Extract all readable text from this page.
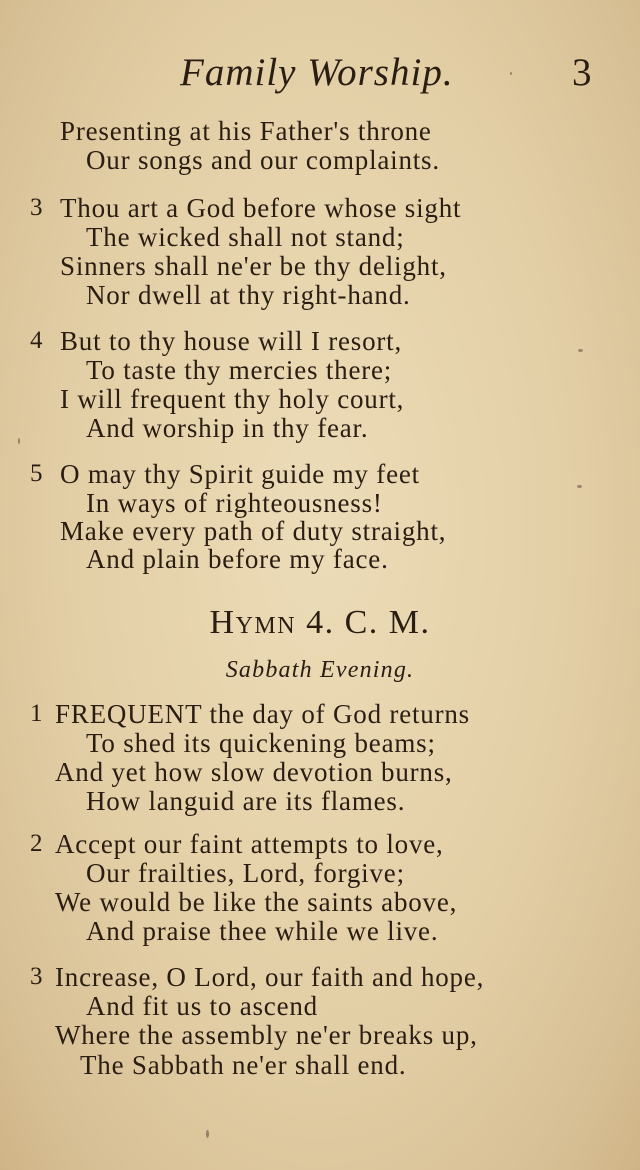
Family Worship.	3
Presenting at his Father's throne
Our songs and our complaints.
3 Thou art a God before whose sight
The wicked shall not stand;
Sinners shall ne'er be thy delight,
Nor dwell at thy right-hand.
4 But to thy house will I resort,
To taste thy mercies there;
I will frequent thy holy court,
And worship in thy fear.
5 O may thy Spirit guide my feet
In ways of righteousness!
Make every path of duty straight,
And plain before my face.
Hymn 4. C. M.
Sabbath Evening.
1 FREQUENT the day of God returns
To shed its quickening beams;
And yet how slow devotion burns,
How languid are its flames.
2 Accept our faint attempts to love,
Our frailties, Lord, forgive;
We would be like the saints above,
And praise thee while we live.
3 Increase, O Lord, our faith and hope,
And fit us to ascend
Where the assembly ne'er breaks up,
The Sabbath ne'er shall end.
